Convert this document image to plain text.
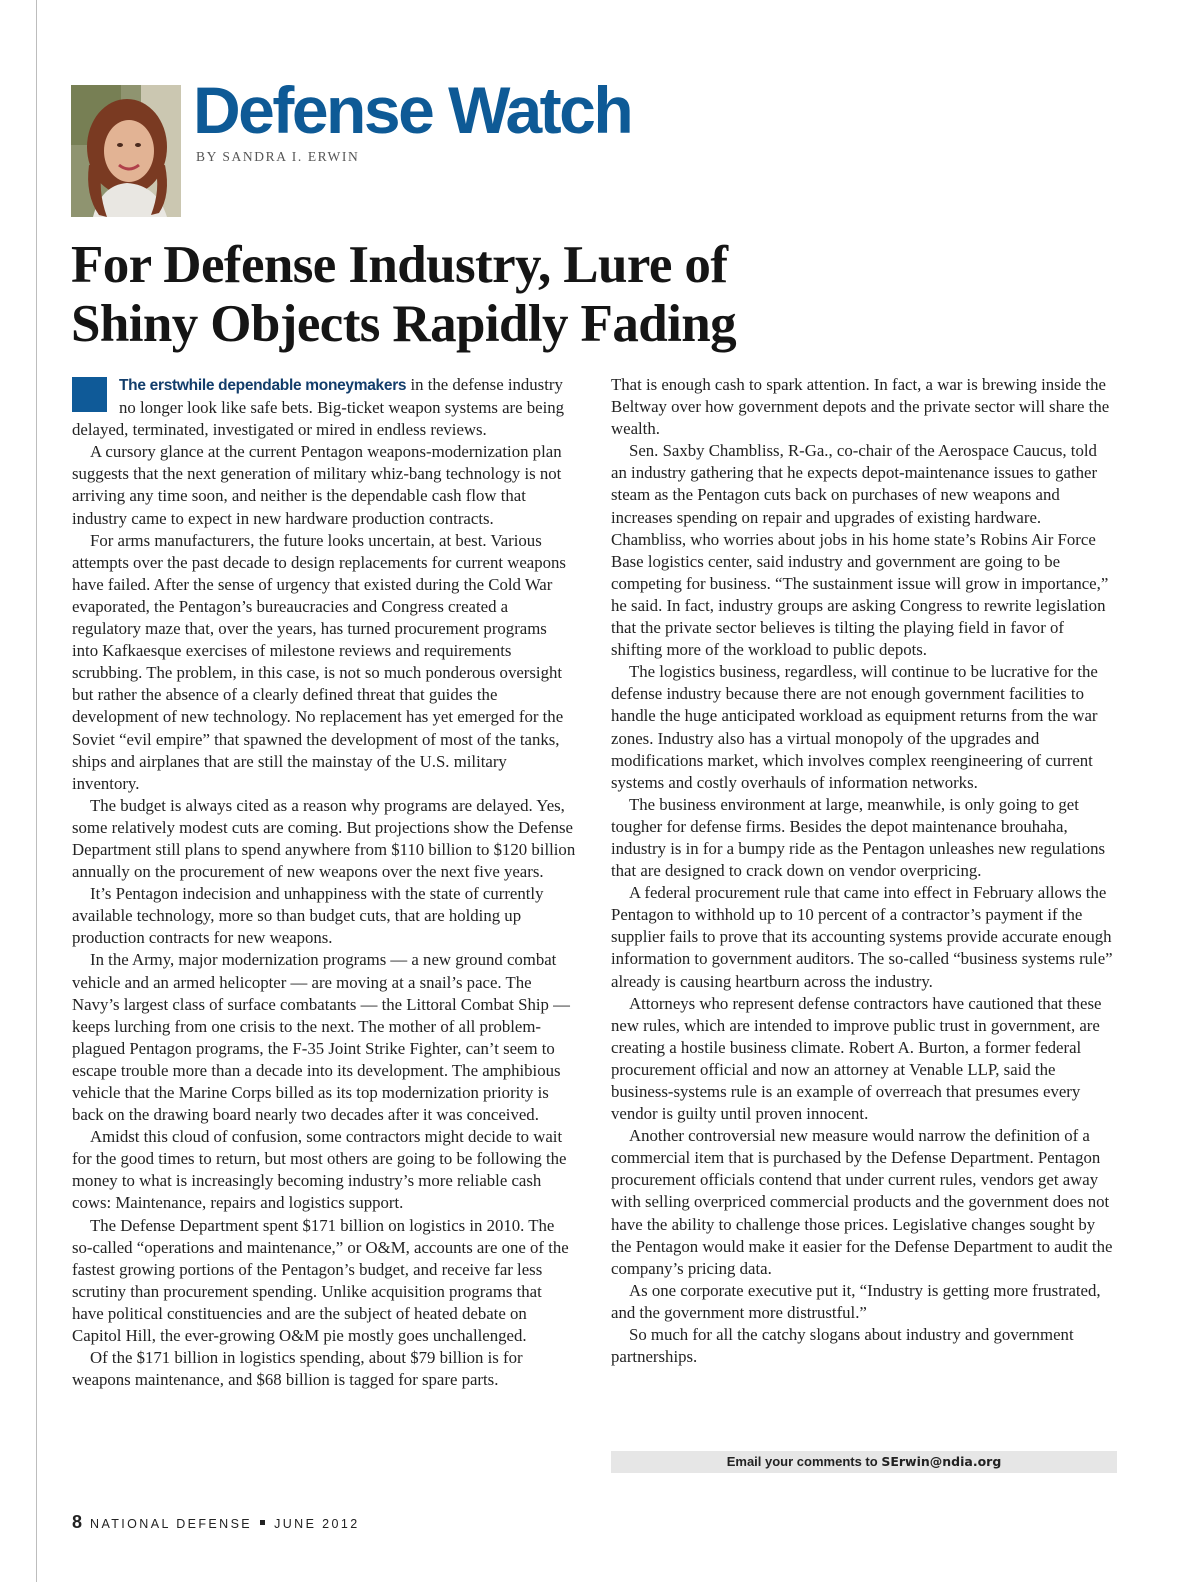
Defense Watch

BY SANDRA I. ERWIN

For Defense Industry, Lure of Shiny Objects Rapidly Fading

The erstwhile dependable moneymakers in the defense industry no longer look like safe bets. Big-ticket weapon systems are being delayed, terminated, investigated or mired in endless reviews.

A cursory glance at the current Pentagon weapons-modernization plan suggests that the next generation of military whiz-bang technology is not arriving any time soon, and neither is the dependable cash flow that industry came to expect in new hardware production contracts.

For arms manufacturers, the future looks uncertain, at best. Various attempts over the past decade to design replacements for current weapons have failed. After the sense of urgency that existed during the Cold War evaporated, the Pentagon’s bureaucracies and Congress created a regulatory maze that, over the years, has turned procurement programs into Kafkaesque exercises of milestone reviews and requirements scrubbing. The problem, in this case, is not so much ponderous oversight but rather the absence of a clearly defined threat that guides the development of new technology. No replacement has yet emerged for the Soviet “evil empire” that spawned the development of most of the tanks, ships and airplanes that are still the mainstay of the U.S. military inventory.

The budget is always cited as a reason why programs are delayed. Yes, some relatively modest cuts are coming. But projections show the Defense Department still plans to spend anywhere from $110 billion to $120 billion annually on the procurement of new weapons over the next five years.

It’s Pentagon indecision and unhappiness with the state of currently available technology, more so than budget cuts, that are holding up production contracts for new weapons.

In the Army, major modernization programs — a new ground combat vehicle and an armed helicopter — are moving at a snail’s pace. The Navy’s largest class of surface combatants — the Littoral Combat Ship — keeps lurching from one crisis to the next. The mother of all problem-plagued Pentagon programs, the F-35 Joint Strike Fighter, can’t seem to escape trouble more than a decade into its development. The amphibious vehicle that the Marine Corps billed as its top modernization priority is back on the drawing board nearly two decades after it was conceived.

Amidst this cloud of confusion, some contractors might decide to wait for the good times to return, but most others are going to be following the money to what is increasingly becoming industry’s more reliable cash cows: Maintenance, repairs and logistics support.

The Defense Department spent $171 billion on logistics in 2010. The so-called “operations and maintenance,” or O&M, accounts are one of the fastest growing portions of the Pentagon’s budget, and receive far less scrutiny than procurement spending. Unlike acquisition programs that have political constituencies and are the subject of heated debate on Capitol Hill, the ever-growing O&M pie mostly goes unchallenged.

Of the $171 billion in logistics spending, about $79 billion is for weapons maintenance, and $68 billion is tagged for spare parts.

That is enough cash to spark attention. In fact, a war is brewing inside the Beltway over how government depots and the private sector will share the wealth.

Sen. Saxby Chambliss, R-Ga., co-chair of the Aerospace Caucus, told an industry gathering that he expects depot-maintenance issues to gather steam as the Pentagon cuts back on purchases of new weapons and increases spending on repair and upgrades of existing hardware. Chambliss, who worries about jobs in his home state’s Robins Air Force Base logistics center, said industry and government are going to be competing for business. “The sustainment issue will grow in importance,” he said. In fact, industry groups are asking Congress to rewrite legislation that the private sector believes is tilting the playing field in favor of shifting more of the workload to public depots.

The logistics business, regardless, will continue to be lucrative for the defense industry because there are not enough government facilities to handle the huge anticipated workload as equipment returns from the war zones. Industry also has a virtual monopoly of the upgrades and modifications market, which involves complex reengineering of current systems and costly overhauls of information networks.

The business environment at large, meanwhile, is only going to get tougher for defense firms. Besides the depot maintenance brouhaha, industry is in for a bumpy ride as the Pentagon unleashes new regulations that are designed to crack down on vendor overpricing.

A federal procurement rule that came into effect in February allows the Pentagon to withhold up to 10 percent of a contractor’s payment if the supplier fails to prove that its accounting systems provide accurate enough information to government auditors. The so-called “business systems rule” already is causing heartburn across the industry.

Attorneys who represent defense contractors have cautioned that these new rules, which are intended to improve public trust in government, are creating a hostile business climate. Robert A. Burton, a former federal procurement official and now an attorney at Venable LLP, said the business-systems rule is an example of overreach that presumes every vendor is guilty until proven innocent.

Another controversial new measure would narrow the definition of a commercial item that is purchased by the Defense Department. Pentagon procurement officials contend that under current rules, vendors get away with selling overpriced commercial products and the government does not have the ability to challenge those prices. Legislative changes sought by the Pentagon would make it easier for the Defense Department to audit the company’s pricing data.

As one corporate executive put it, “Industry is getting more frustrated, and the government more distrustful.”

So much for all the catchy slogans about industry and government partnerships.

Email your comments to SErwin@ndia.org
8 NATIONAL DEFENSE JUNE 2012
